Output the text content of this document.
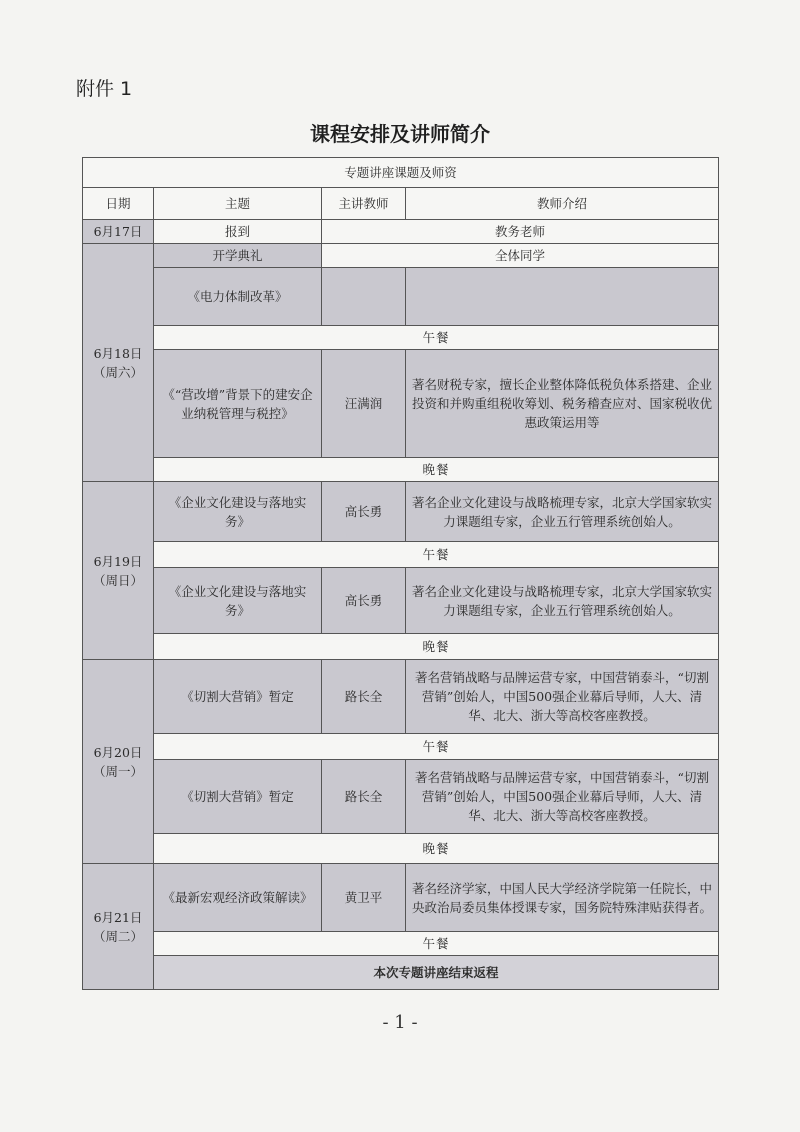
附件 1
课程安排及讲师简介
专题讲座课题及师资			
日期	主题	主讲教师	教师介绍
6月17日	报到	教务老师	

6月18日
（周六）	开学典礼	全体同学	
	《电力体制改革》		
	午餐		
	《“营改增”背景下的建安企业纳税管理与税控》	汪满润	著名财税专家，擅长企业整体降低税负体系搭建、企业投资和并购重组税收筹划、税务稽查应对、国家税收优惠政策运用等
	晚餐		

6月19日
（周日）	《企业文化建设与落地实务》	高长勇	著名企业文化建设与战略梳理专家，北京大学国家软实力课题组专家，企业五行管理系统创始人。
	午餐		
	《企业文化建设与落地实务》	高长勇	著名企业文化建设与战略梳理专家，北京大学国家软实力课题组专家，企业五行管理系统创始人。
	晚餐		

6月20日
（周一）	《切割大营销》暂定	路长全	著名营销战略与品牌运营专家，中国营销泰斗，“切割营销”创始人，中国500强企业幕后导师，人大、清华、北大、浙大等高校客座教授。
	午餐		
	《切割大营销》暂定	路长全	著名营销战略与品牌运营专家，中国营销泰斗，“切割营销”创始人，中国500强企业幕后导师，人大、清华、北大、浙大等高校客座教授。
	晚餐		

6月21日
（周二）	《最新宏观经济政策解读》	黄卫平	著名经济学家，中国人民大学经济学院第一任院长，中央政治局委员集体授课专家，国务院特殊津贴获得者。
	午餐		
	本次专题讲座结束返程		
- 1 -
